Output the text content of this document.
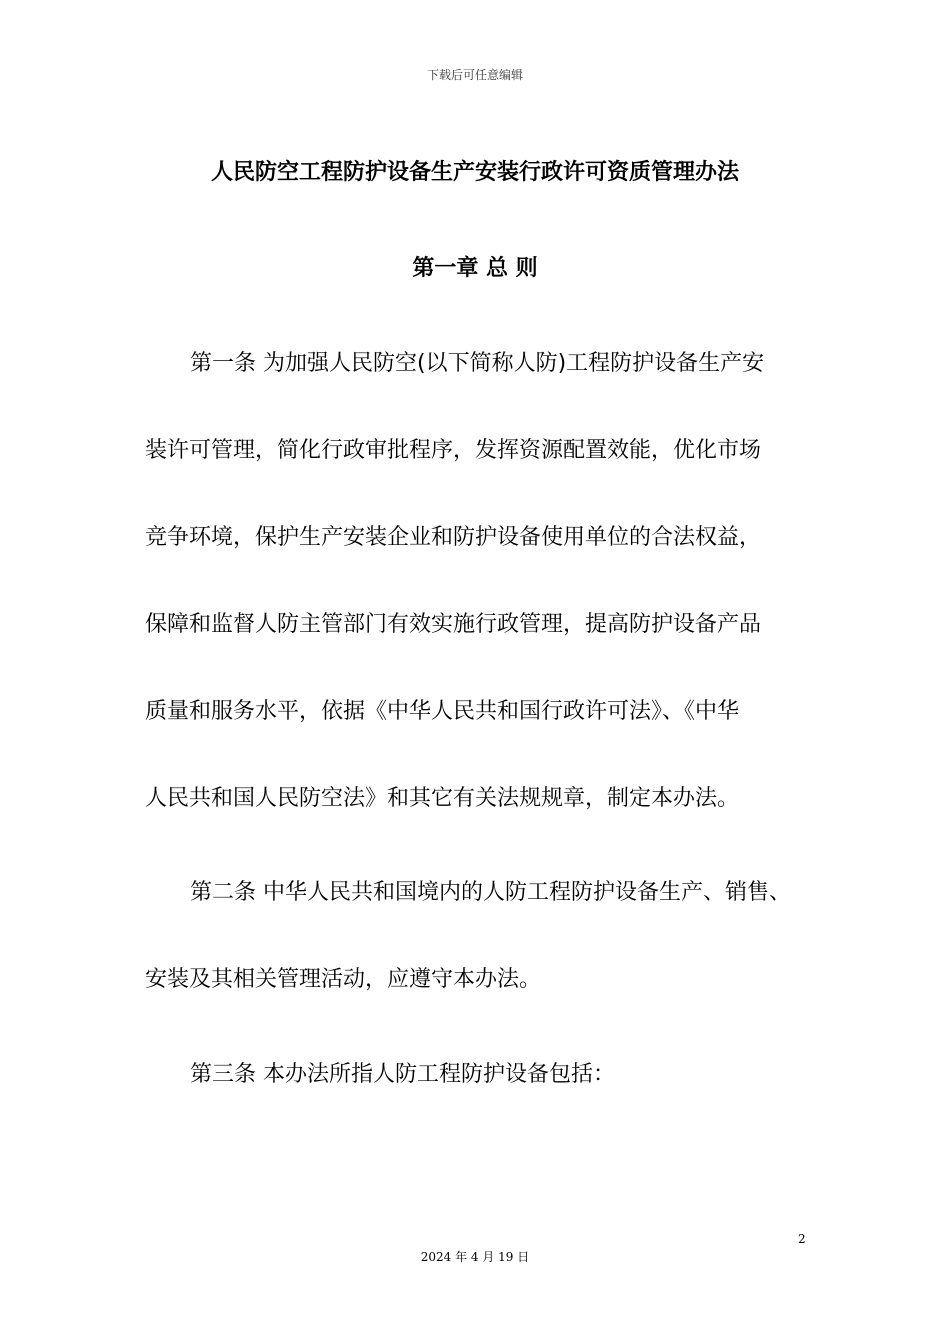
下载后可任意编辑
人民防空工程防护设备生产安装行政许可资质管理办法
第一章 总 则
第一条 为加强人民防空(以下简称人防)工程防护设备生产安
装许可管理，简化行政审批程序，发挥资源配置效能，优化市场
竞争环境，保护生产安装企业和防护设备使用单位的合法权益，
保障和监督人防主管部门有效实施行政管理，提高防护设备产品
质量和服务水平，依据《中华人民共和国行政许可法》、《中华
人民共和国人民防空法》和其它有关法规规章，制定本办法。
第二条 中华人民共和国境内的人防工程防护设备生产、销售、
安装及其相关管理活动，应遵守本办法。
第三条 本办法所指人防工程防护设备包括：
2
2024 年 4 月 19 日
